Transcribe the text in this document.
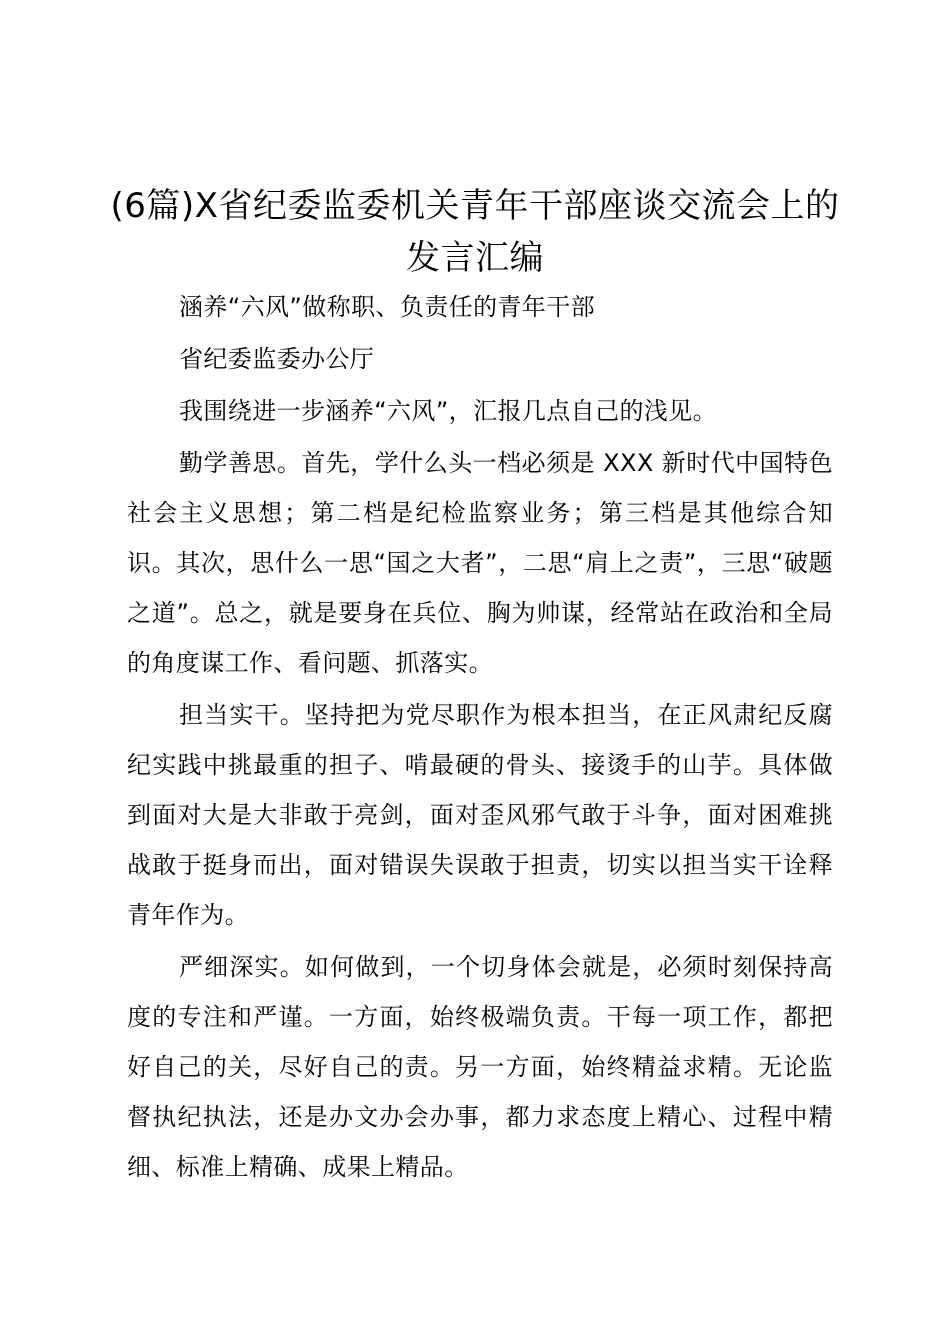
(6篇)X省纪委监委机关青年干部座谈交流会上的发言汇编

涵养“六风”做称职、负责任的青年干部

省纪委监委办公厅

我围绕进一步涵养“六风”，汇报几点自己的浅见。

勤学善思。首先，学什么头一档必须是 XXX 新时代中国特色社会主义思想；第二档是纪检监察业务；第三档是其他综合知识。其次，思什么一思“国之大者”，二思“肩上之责”，三思“破题之道”。总之，就是要身在兵位、胸为帅谋，经常站在政治和全局的角度谋工作、看问题、抓落实。

担当实干。坚持把为党尽职作为根本担当，在正风肃纪反腐纪实践中挑最重的担子、啃最硬的骨头、接烫手的山芋。具体做到面对大是大非敢于亮剑，面对歪风邪气敢于斗争，面对困难挑战敢于挺身而出，面对错误失误敢于担责，切实以担当实干诠释青年作为。

严细深实。如何做到，一个切身体会就是，必须时刻保持高度的专注和严谨。一方面，始终极端负责。干每一项工作，都把好自己的关，尽好自己的责。另一方面，始终精益求精。无论监督执纪执法，还是办文办会办事，都力求态度上精心、过程中精细、标准上精确、成果上精品。
